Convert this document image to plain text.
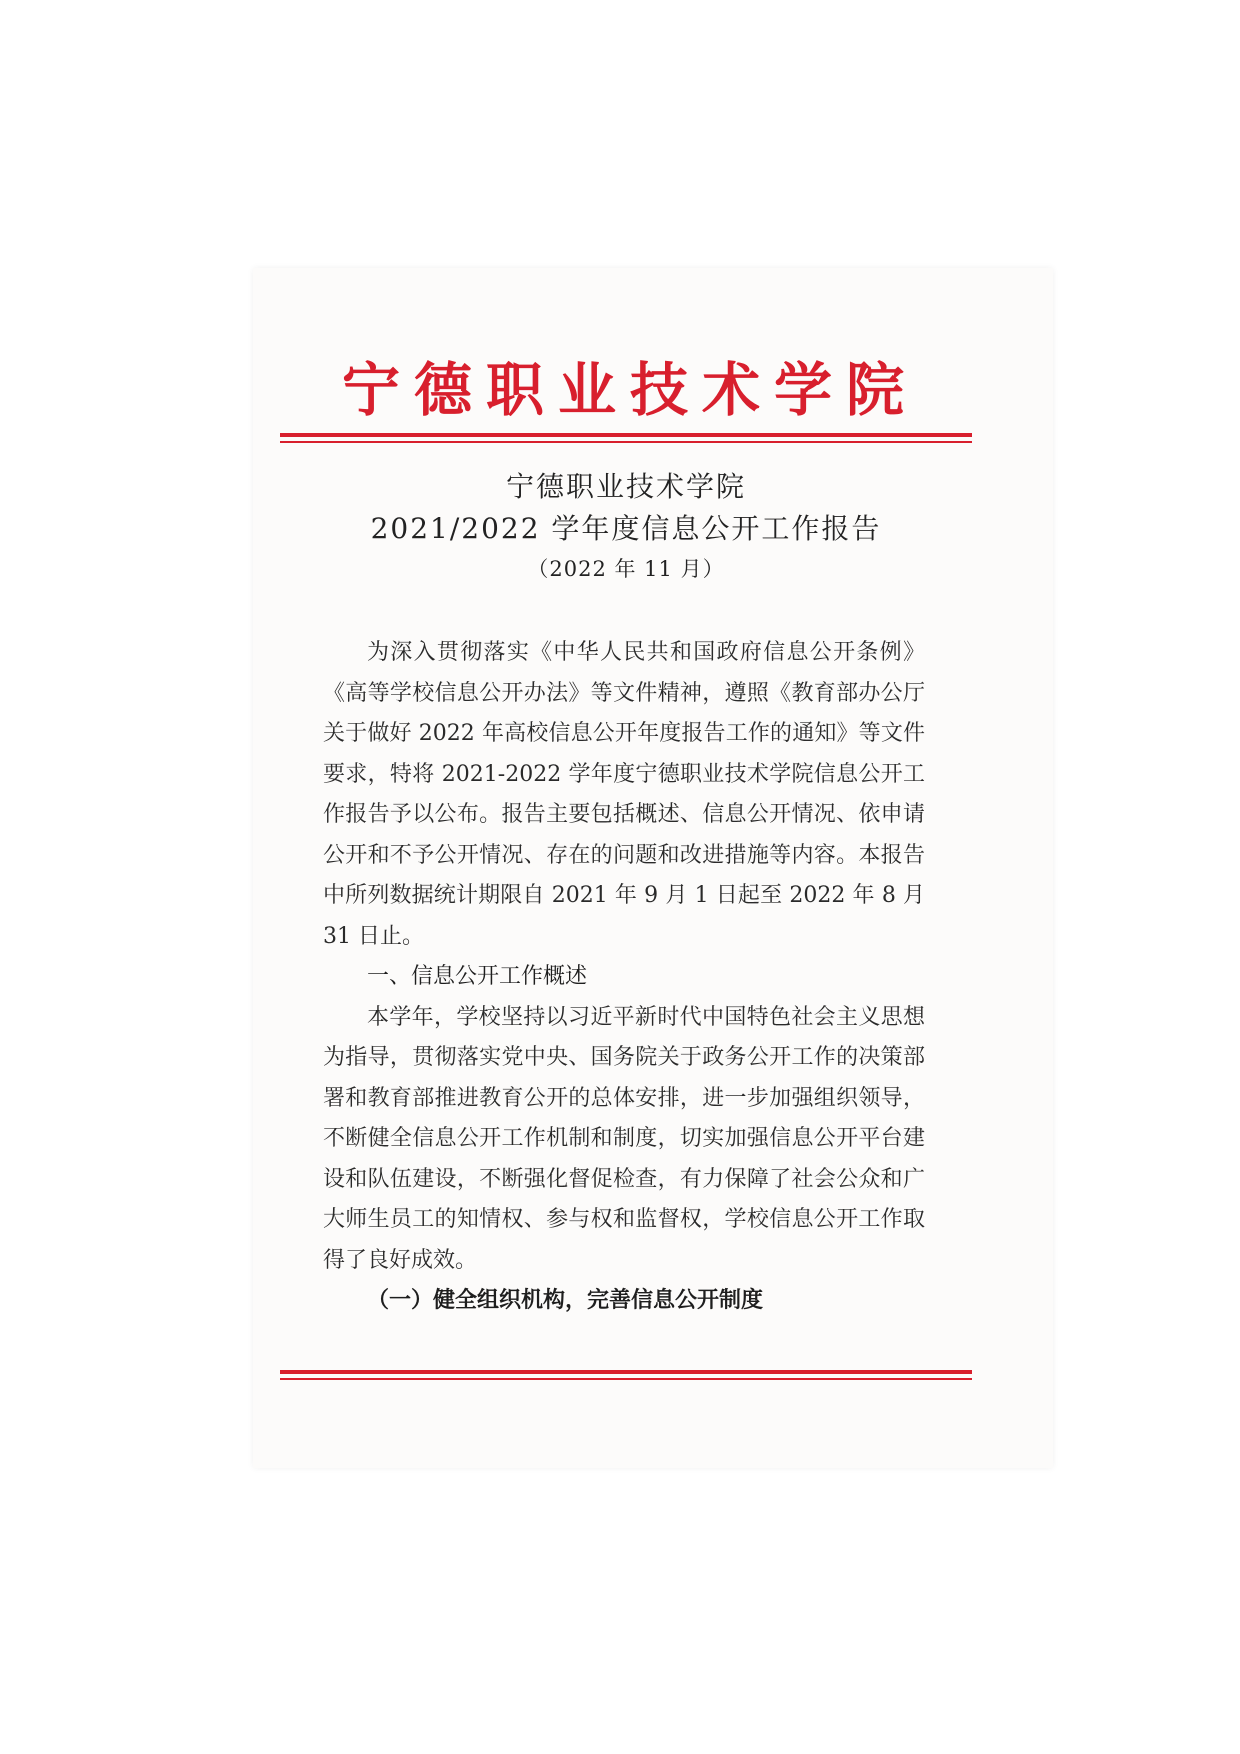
宁德职业技术学院
宁德职业技术学院
2021/2022 学年度信息公开工作报告
（2022 年 11 月）

为深入贯彻落实《中华人民共和国政府信息公开条例》《高等学校信息公开办法》等文件精神，遵照《教育部办公厅关于做好 2022 年高校信息公开年度报告工作的通知》等文件要求，特将 2021-2022 学年度宁德职业技术学院信息公开工作报告予以公布。报告主要包括概述、信息公开情况、依申请公开和不予公开情况、存在的问题和改进措施等内容。本报告中所列数据统计期限自 2021 年 9 月 1 日起至 2022 年 8 月 31 日止。

一、信息公开工作概述

本学年，学校坚持以习近平新时代中国特色社会主义思想为指导，贯彻落实党中央、国务院关于政务公开工作的决策部署和教育部推进教育公开的总体安排，进一步加强组织领导，不断健全信息公开工作机制和制度，切实加强信息公开平台建设和队伍建设，不断强化督促检查，有力保障了社会公众和广大师生员工的知情权、参与权和监督权，学校信息公开工作取得了良好成效。

（一）健全组织机构，完善信息公开制度
